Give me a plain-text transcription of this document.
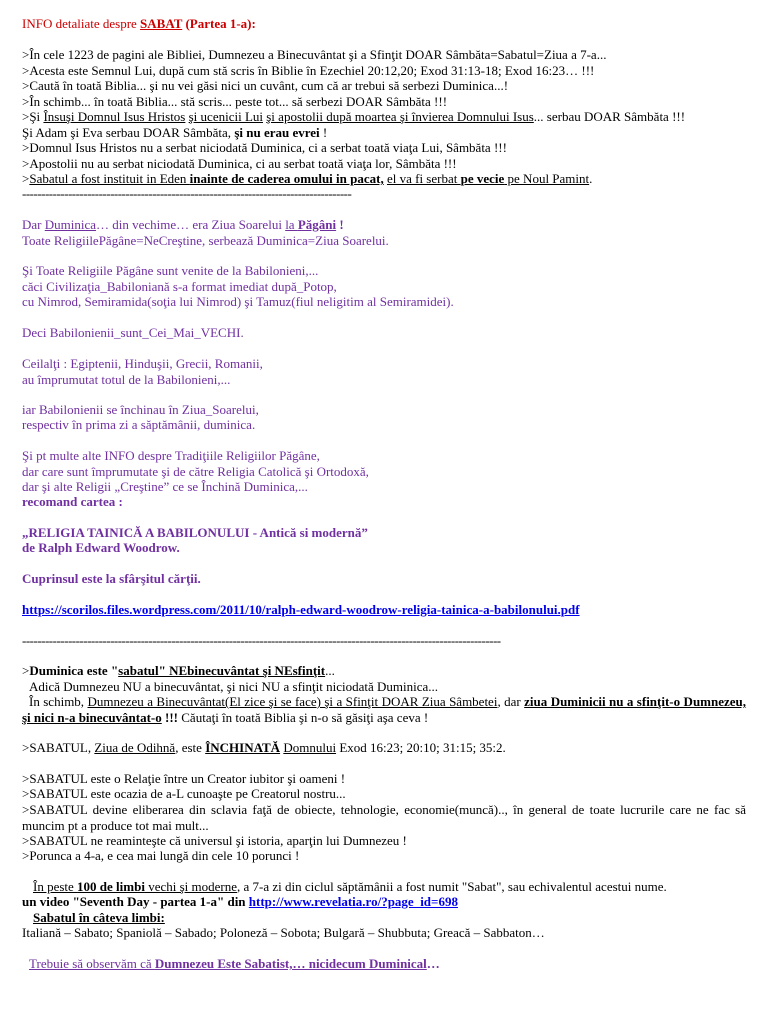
INFO detaliate despre SABAT (Partea 1-a):
>În cele 1223 de pagini ale Bibliei, Dumnezeu a Binecuvântat şi a Sfinţit DOAR Sâmbăta=Sabatul=Ziua a 7-a...
>Acesta este Semnul Lui, după cum stă scris în Biblie în Ezechiel 20:12,20; Exod 31:13-18; Exod 16:23… !!!
>Caută în toată Biblia... şi nu vei găsi nici un cuvânt, cum că ar trebui să serbezi Duminica...!
>În schimb... în toată Biblia... stă scris... peste tot... să serbezi DOAR Sâmbăta !!!
>Şi Însuşi Domnul Isus Hristos şi ucenicii Lui şi apostolii după moartea şi învierea Domnului Isus... serbau DOAR Sâmbăta !!!
Şi Adam şi Eva serbau DOAR Sâmbăta, şi nu erau evrei !
>Domnul Isus Hristos nu a serbat niciodată Duminica, ci a serbat toată viaţa Lui, Sâmbăta !!!
>Apostolii nu au serbat niciodată Duminica, ci au serbat toată viaţa lor, Sâmbăta !!!
>Sabatul a fost instituit in Eden inainte de caderea omului in pacat, el va fi serbat pe vecie pe Noul Pamint.
--------------------------------------------------------------------------------------
Dar Duminica… din vechime… era Ziua Soarelui la Păgâni !
Toate ReligiilePăgâne=NeCreştine, serbează Duminica=Ziua Soarelui.
Şi Toate Religiile Păgâne sunt venite de la Babilonieni,...
căci Civilizaţia_Babiloniană s-a format imediat după_Potop,
cu Nimrod, Semiramida(soţia lui Nimrod) şi Tamuz(fiul neligitim al Semiramidei).
Deci Babilonienii_sunt_Cei_Mai_VECHI.
Ceilalţi : Egiptenii, Hinduşii, Grecii, Romanii,
au împrumutat totul de la Babilonieni,...
iar Babilonienii se închinau în Ziua_Soarelui,
respectiv în prima zi a săptămânii, duminica.
Şi pt multe alte INFO despre Tradiţiile Religiilor Păgâne,
dar care sunt împrumutate şi de către Religia Catolică şi Ortodoxă,
dar şi alte Religii „Creştine” ce se Închină Duminica,...
recomand cartea :
„RELIGIA TAINICĂ A BABILONULUI - Antică si modernă”
de Ralph Edward Woodrow.
Cuprinsul este la sfârşitul cărţii.
https://scorilos.files.wordpress.com/2011/10/ralph-edward-woodrow-religia-tainica-a-babilonului.pdf
-----------------------------------------------------------------------------------------------------------------------------
>Duminica este "sabatul" NEbinecuvântat şi NEsfinţit...
Adică Dumnezeu NU a binecuvântat, şi nici NU a sfinţit niciodată Duminica...
În schimb, Dumnezeu a Binecuvântat(El zice şi se face) şi a Sfinţit DOAR Ziua Sâmbetei, dar ziua Duminicii nu a sfinţit-o Dumnezeu, şi nici n-a binecuvântat-o !!! Căutaţi în toată Biblia şi n-o să găsiţi aşa ceva !
>SABATUL, Ziua de Odihnă, este ÎNCHINATĂ Domnului Exod 16:23; 20:10; 31:15; 35:2.
>SABATUL este o Relaţie între un Creator iubitor şi oameni !
>SABATUL este ocazia de a-L cunoaşte pe Creatorul nostru...
>SABATUL devine eliberarea din sclavia faţă de obiecte, tehnologie, economie(muncă).., în general de toate lucrurile care ne fac să muncim pt a produce tot mai mult...
>SABATUL ne reaminteşte că universul şi istoria, aparţin lui Dumnezeu !
>Porunca a 4-a, e cea mai lungă din cele 10 porunci !
În peste 100 de limbi vechi şi moderne, a 7-a zi din ciclul săptămânii a fost numit "Sabat", sau echivalentul acestui nume.
un video "Seventh Day - partea 1-a" din http://www.revelatia.ro/?page_id=698
Sabatul în câteva limbi:
Italiană – Sabato; Spaniolă – Sabado; Poloneză – Sobota; Bulgară – Shubbuta; Greacă – Sabbaton…
Trebuie să observăm că Dumnezeu Este Sabatist,… nicidecum Duminical…
